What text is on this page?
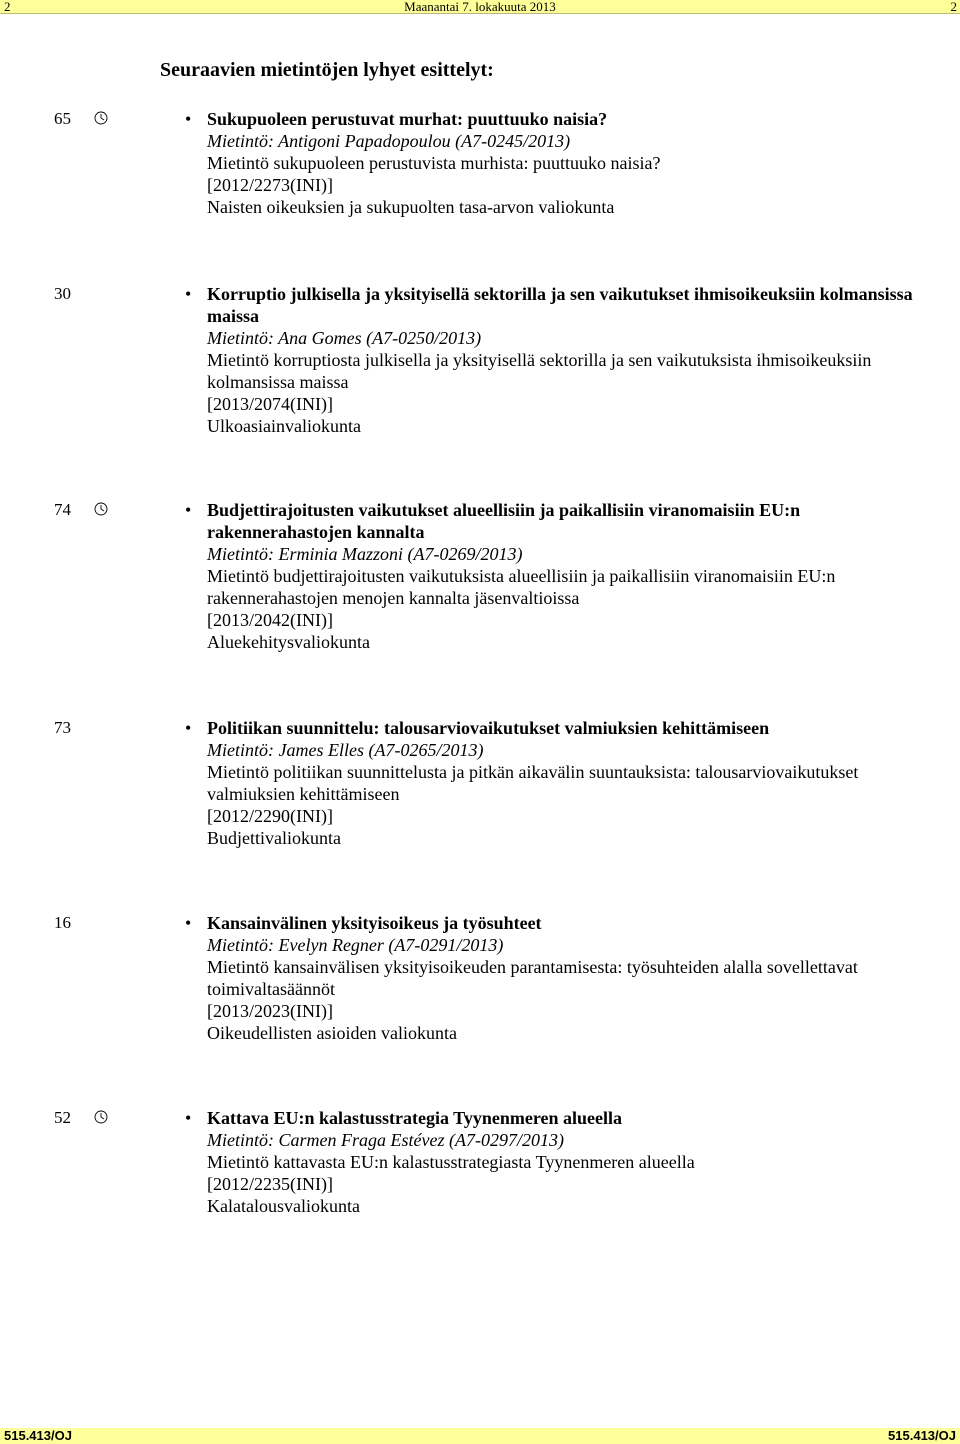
2	Maanantai 7. lokakuuta 2013	2
Seuraavien mietintöjen lyhyet esittelyt:
65	• Sukupuoleen perustuvat murhat: puuttuuko naisia?
Mietintö: Antigoni Papadopoulou (A7-0245/2013)
Mietintö sukupuoleen perustuvista murhista: puuttuuko naisia?
[2012/2273(INI)]
Naisten oikeuksien ja sukupuolten tasa-arvon valiokunta
30	• Korruptio julkisella ja yksityisellä sektorilla ja sen vaikutukset ihmisoikeuksiin kolmansissa maissa
Mietintö: Ana Gomes (A7-0250/2013)
Mietintö korruptiosta julkisella ja yksityisellä sektorilla ja sen vaikutuksista ihmisoikeuksiin kolmansissa maissa
[2013/2074(INI)]
Ulkoasiainvaliokunta
74	• Budjettirajoitusten vaikutukset alueellisiin ja paikallisiin viranomaisiin EU:n rakennerahastojen kannalta
Mietintö: Erminia Mazzoni (A7-0269/2013)
Mietintö budjettirajoitusten vaikutuksista alueellisiin ja paikallisiin viranomaisiin EU:n rakennerahastojen menojen kannalta jäsenvaltioissa
[2013/2042(INI)]
Aluekehitysvaliokunta
73	• Politiikan suunnittelu: talousarviovaikutukset valmiuksien kehittämiseen
Mietintö: James Elles (A7-0265/2013)
Mietintö politiikan suunnittelusta ja pitkän aikavälin suuntauksista: talousarviovaikutukset valmiuksien kehittämiseen
[2012/2290(INI)]
Budjettivaliokunta
16	• Kansainvälinen yksityisoikeus ja työsuhteet
Mietintö: Evelyn Regner (A7-0291/2013)
Mietintö kansainvälisen yksityisoikeuden parantamisesta: työsuhteiden alalla sovellettavat toimivaltasäännöt
[2013/2023(INI)]
Oikeudellisten asioiden valiokunta
52	• Kattava EU:n kalastusstrategia Tyynenmeren alueella
Mietintö: Carmen Fraga Estévez (A7-0297/2013)
Mietintö kattavasta EU:n kalastusstrategiasta Tyynenmeren alueella
[2012/2235(INI)]
Kalatalousvaliokunta
515.413/OJ	515.413/OJ
